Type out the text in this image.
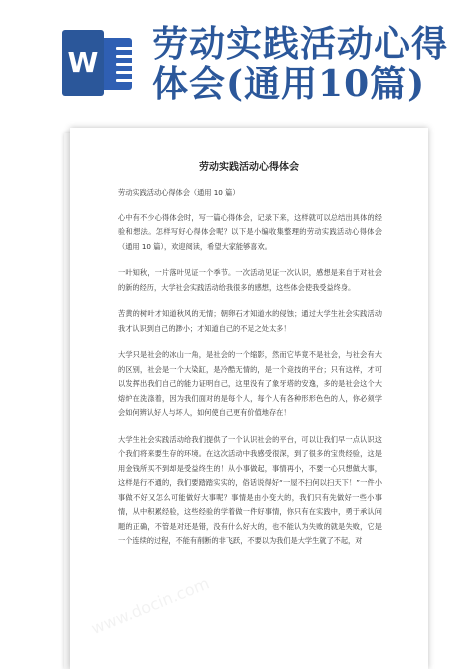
W 劳动实践活动心得体会(通用10篇)
劳动实践活动心得体会

劳动实践活动心得体会（通用 10 篇）

心中有不少心得体会时，写一篇心得体会，记录下来，这样就可以总结出具体的经验和想法。怎样写好心得体会呢？以下是小编收集整理的劳动实践活动心得体会（通用 10 篇），欢迎阅读，希望大家能够喜欢。

一叶知秋，一片落叶见证一个季节。一次活动见证一次认识，感想是来自于对社会的新的经历，大学社会实践活动给我很多的感想，这些体会使我受益终身。

苦黄的树叶才知道秋风的无情；朝卵石才知道水的侵蚀；通过大学生社会实践活动我才认识到自己的渺小；才知道自己的不足之处太多！

大学只是社会的冰山一角，是社会的一个缩影，然而它毕竟不是社会，与社会有大的区别，社会是一个大染缸，是冷酷无情的，是一个竞技的平台；只有这样，才可以发挥出我们自己的能力证明自己，这里没有了象牙塔的安逸，多的是社会这个大熔炉在洗涤着，因为我们面对的是每个人，每个人有各种形形色色的人，你必须学会如何辨认好人与坏人，如何使自己更有价值地存在！

大学生社会实践活动给我们提供了一个认识社会的平台，可以让我们早一点认识这个我们将来要生存的环境。在这次活动中我感受很深，到了很多的宝贵经验，这是用金钱所买不到却是受益终生的！从小事做起，事情再小，不要一心只想做大事，这样是行不通的，我们要踏踏实实的，俗话说得好“一屋不扫何以扫天下！”一件小事做不好又怎么可能做好大事呢？事情是由小变大的，我们只有先做好一些小事情，从中积累经验，这些经验的学着做一件好事情，你只有在实践中，勇于承认问题的正确，不管是对还是错，没有什么好大的，也不能认为失败的就是失败，它是一个连续的过程，不能有削断的非飞跃，不要以为我们是大学生就了不起，对

www.docin.com
